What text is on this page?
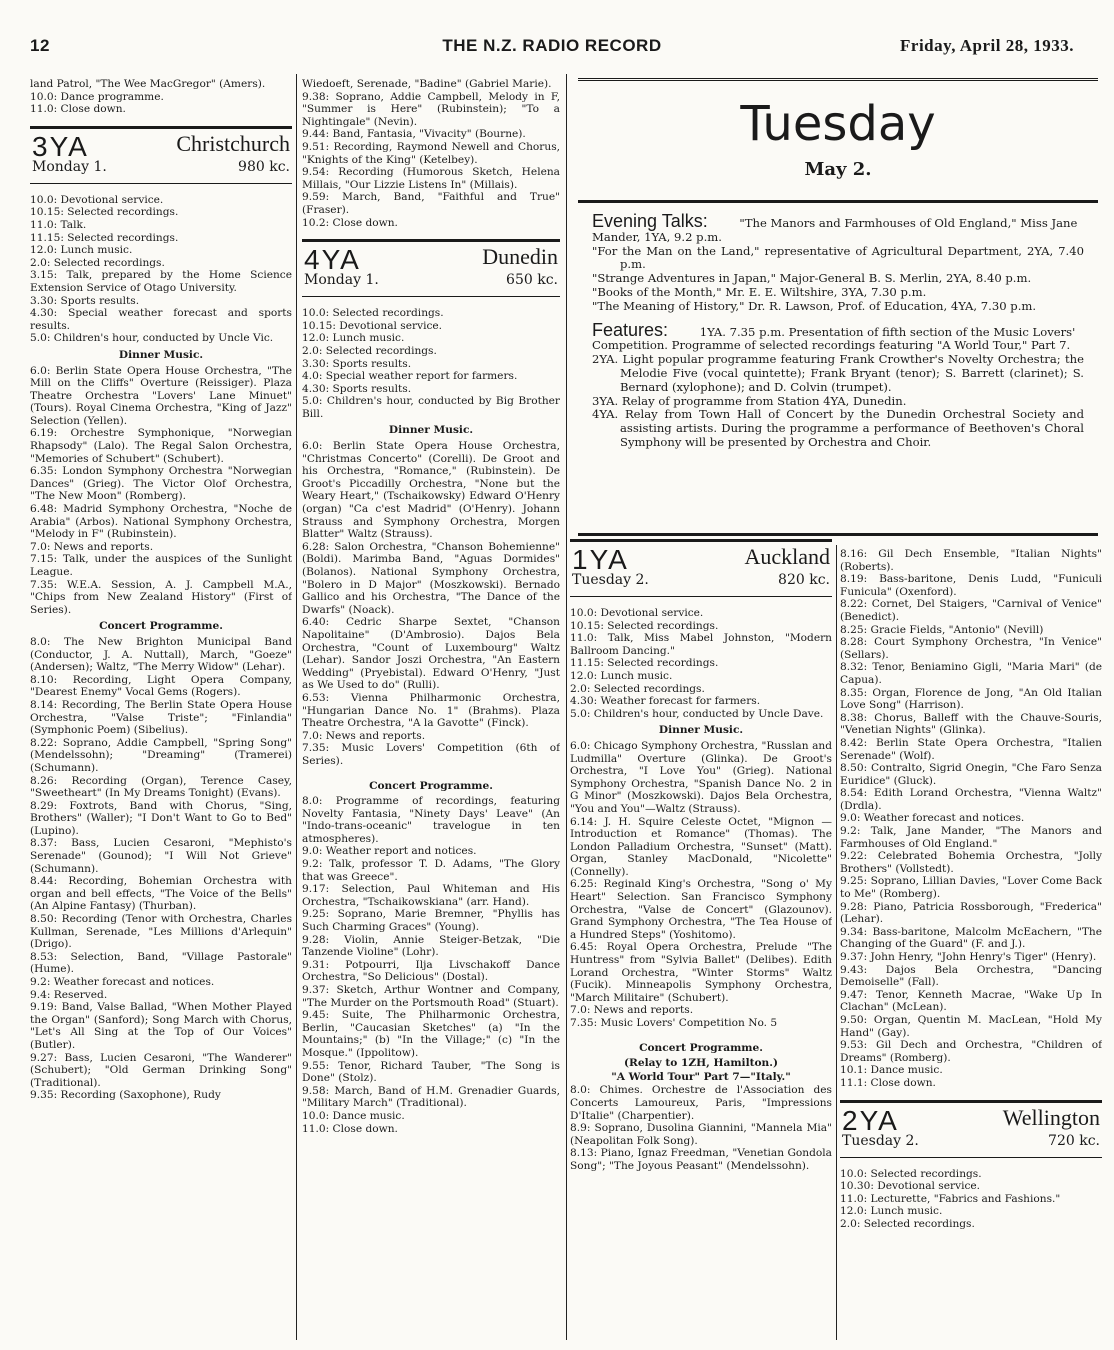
12	THE N.Z. RADIO RECORD	Friday, April 28, 1933.

land Patrol, "The Wee MacGregor" (Amers).

10.0: Dance programme.

11.0: Close down.

3YA	Christchurch
Monday 1.	980 kc.

10.0: Devotional service.

10.15: Selected recordings.

11.0: Talk.

11.15: Selected recordings.

12.0: Lunch music.

2.0: Selected recordings.

3.15: Talk, prepared by the Home Science Extension Service of Otago University.

3.30: Sports results.

4.30: Special weather forecast and sports results.

5.0: Children's hour, conducted by Uncle Vic.

Dinner Music.

6.0: Berlin State Opera House Orchestra, "The Mill on the Cliffs" Overture (Reissiger). Plaza Theatre Orchestra "Lovers' Lane Minuet" (Tours). Royal Cinema Orchestra, "King of Jazz" Selection (Yellen).

6.19: Orchestre Symphonique, "Norwegian Rhapsody" (Lalo). The Regal Salon Orchestra, "Memories of Schubert" (Schubert).

6.35: London Symphony Orchestra "Norwegian Dances" (Grieg). The Victor Olof Orchestra, "The New Moon" (Romberg).

6.48: Madrid Symphony Orchestra, "Noche de Arabia" (Arbos). National Symphony Orchestra, "Melody in F" (Rubinstein).

7.0: News and reports.

7.15: Talk, under the auspices of the Sunlight League.

7.35: W.E.A. Session, A. J. Campbell M.A., "Chips from New Zealand History" (First of Series).

Concert Programme.

8.0: The New Brighton Municipal Band (Conductor, J. A. Nuttall), March, "Goeze" (Andersen); Waltz, "The Merry Widow" (Lehar).

8.10: Recording, Light Opera Company, "Dearest Enemy" Vocal Gems (Rogers).

8.14: Recording, The Berlin State Opera House Orchestra, "Valse Triste"; "Finlandia" (Symphonic Poem) (Sibelius).

8.22: Soprano, Addie Campbell, "Spring Song" (Mendelssohn); "Dreaming" (Tramerei) (Schumann).

8.26: Recording (Organ), Terence Casey, "Sweetheart" (In My Dreams Tonight) (Evans).

8.29: Foxtrots, Band with Chorus, "Sing, Brothers" (Waller); "I Don't Want to Go to Bed" (Lupino).

8.37: Bass, Lucien Cesaroni, "Mephisto's Serenade" (Gounod); "I Will Not Grieve" (Schumann).

8.44: Recording, Bohemian Orchestra with organ and bell effects, "The Voice of the Bells" (An Alpine Fantasy) (Thurban).

8.50: Recording (Tenor with Orchestra, Charles Kullman, Serenade, "Les Millions d'Arlequin" (Drigo).

8.53: Selection, Band, "Village Pastorale" (Hume).

9.2: Weather forecast and notices.

9.4: Reserved.

9.19: Band, Valse Ballad, "When Mother Played the Organ" (Sanford); Song March with Chorus, "Let's All Sing at the Top of Our Voices" (Butler).

9.27: Bass, Lucien Cesaroni, "The Wanderer" (Schubert); "Old German Drinking Song" (Traditional).

9.35: Recording (Saxophone), Rudy

Wiedoeft, Serenade, "Badine" (Gabriel Marie).

9.38: Soprano, Addie Campbell, Melody in F, "Summer is Here" (Rubinstein); "To a Nightingale" (Nevin).

9.44: Band, Fantasia, "Vivacity" (Bourne).

9.51: Recording, Raymond Newell and Chorus, "Knights of the King" (Ketelbey).

9.54: Recording (Humorous Sketch, Helena Millais, "Our Lizzie Listens In" (Millais).

9.59: March, Band, "Faithful and True" (Fraser).

10.2: Close down.

4YA	Dunedin
Monday 1.	650 kc.

10.0: Selected recordings.

10.15: Devotional service.

12.0: Lunch music.

2.0: Selected recordings.

3.30: Sports results.

4.0: Special weather report for farmers.

4.30: Sports results.

5.0: Children's hour, conducted by Big Brother Bill.

Dinner Music.

6.0: Berlin State Opera House Orchestra, "Christmas Concerto" (Corelli). De Groot and his Orchestra, "Romance," (Rubinstein). De Groot's Piccadilly Orchestra, "None but the Weary Heart," (Tschaikowsky) Edward O'Henry (organ) "Ca c'est Madrid" (O'Henry). Johann Strauss and Symphony Orchestra, Morgen Blatter" Waltz (Strauss).

6.28: Salon Orchestra, "Chanson Bohemienne" (Boldi). Marimba Band, "Aguas Dormides" (Bolanos). National Symphony Orchestra, "Bolero in D Major" (Moszkowski). Bernado Gallico and his Orchestra, "The Dance of the Dwarfs" (Noack).

6.40: Cedric Sharpe Sextet, "Chanson Napolitaine" (D'Ambrosio). Dajos Bela Orchestra, "Count of Luxembourg" Waltz (Lehar). Sandor Joszi Orchestra, "An Eastern Wedding" (Pryebistal). Edward O'Henry, "Just as We Used to do" (Rulli).

6.53: Vienna Philharmonic Orchestra, "Hungarian Dance No. 1" (Brahms). Plaza Theatre Orchestra, "A la Gavotte" (Finck).

7.0: News and reports.

7.35: Music Lovers' Competition (6th of Series).

Concert Programme.

8.0: Programme of recordings, featuring Novelty Fantasia, "Ninety Days' Leave" (An "Indo-trans-oceanic" travelogue in ten atmospheres).

9.0: Weather report and notices.

9.2: Talk, professor T. D. Adams, "The Glory that was Greece".

9.17: Selection, Paul Whiteman and His Orchestra, "Tschaikowskiana" (arr. Hand).

9.25: Soprano, Marie Bremner, "Phyllis has Such Charming Graces" (Young).

9.28: Violin, Annie Steiger-Betzak, "Die Tanzende Violine" (Lohr).

9.31: Potpourri, Ilja Livschakoff Dance Orchestra, "So Delicious" (Dostal).

9.37: Sketch, Arthur Wontner and Company, "The Murder on the Portsmouth Road" (Stuart).

9.45: Suite, The Philharmonic Orchestra, Berlin, "Caucasian Sketches" (a) "In the Mountains;" (b) "In the Village;" (c) "In the Mosque." (Ippolitow).

9.55: Tenor, Richard Tauber, "The Song is Done" (Stolz).

9.58: March, Band of H.M. Grenadier Guards, "Military March" (Traditional).

10.0: Dance music.

11.0: Close down.

Tuesday
May 2.
Evening Talks:	"The Manors and Farmhouses of Old England," Miss Jane Mander, 1YA, 9.2 p.m.

"For the Man on the Land," representative of Agricultural Department, 2YA, 7.40 p.m.

"Strange Adventures in Japan," Major-General B. S. Merlin, 2YA, 8.40 p.m.

"Books of the Month," Mr. E. E. Wiltshire, 3YA, 7.30 p.m.

"The Meaning of History," Dr. R. Lawson, Prof. of Education, 4YA, 7.30 p.m.

Features:	1YA. 7.35 p.m. Presentation of fifth section of the Music Lovers' Competition. Programme of selected recordings featuring "A World Tour," Part 7.

2YA. Light popular programme featuring Frank Crowther's Novelty Orchestra; the Melodie Five (vocal quintette); Frank Bryant (tenor); S. Barrett (clarinet); S. Bernard (xylophone); and D. Colvin (trumpet).

3YA. Relay of programme from Station 4YA, Dunedin.

4YA. Relay from Town Hall of Concert by the Dunedin Orchestral Society and assisting artists. During the programme a performance of Beethoven's Choral Symphony will be presented by Orchestra and Choir.

1YA	Auckland
Tuesday 2.	820 kc.

10.0: Devotional service.

10.15: Selected recordings.

11.0: Talk, Miss Mabel Johnston, "Modern Ballroom Dancing."

11.15: Selected recordings.

12.0: Lunch music.

2.0: Selected recordings.

4.30: Weather forecast for farmers.

5.0: Children's hour, conducted by Uncle Dave.

Dinner Music.

6.0: Chicago Symphony Orchestra, "Russlan and Ludmilla" Overture (Glinka). De Groot's Orchestra, "I Love You" (Grieg). National Symphony Orchestra, "Spanish Dance No. 2 in G Minor" (Moszkowski). Dajos Bela Orchestra, "You and You"—Waltz (Strauss).

6.14: J. H. Squire Celeste Octet, "Mignon — Introduction et Romance" (Thomas). The London Palladium Orchestra, "Sunset" (Matt). Organ, Stanley MacDonald, "Nicolette" (Connelly).

6.25: Reginald King's Orchestra, "Song o' My Heart" Selection. San Francisco Symphony Orchestra, "Valse de Concert" (Glazounov). Grand Symphony Orchestra, "The Tea House of a Hundred Steps" (Yoshitomo).

6.45: Royal Opera Orchestra, Prelude "The Huntress" from "Sylvia Ballet" (Delibes). Edith Lorand Orchestra, "Winter Storms" Waltz (Fucik). Minneapolis Symphony Orchestra, "March Militaire" (Schubert).

7.0: News and reports.

7.35: Music Lovers' Competition No. 5

Concert Programme.
(Relay to 1ZH, Hamilton.)
"A World Tour" Part 7—"Italy."

8.0: Chimes. Orchestre de l'Association des Concerts Lamoureux, Paris, "Impressions D'Italie" (Charpentier).

8.9: Soprano, Dusolina Giannini, "Mannela Mia" (Neapolitan Folk Song).

8.13: Piano, Ignaz Freedman, "Venetian Gondola Song"; "The Joyous Peasant" (Mendelssohn).

8.16: Gil Dech Ensemble, "Italian Nights" (Roberts).

8.19: Bass-baritone, Denis Ludd, "Funiculi Funicula" (Oxenford).

8.22: Cornet, Del Staigers, "Carnival of Venice" (Benedict).

8.25: Gracie Fields, "Antonio" (Nevill)

8.28: Court Symphony Orchestra, "In Venice" (Sellars).

8.32: Tenor, Beniamino Gigli, "Maria Mari" (de Capua).

8.35: Organ, Florence de Jong, "An Old Italian Love Song" (Harrison).

8.38: Chorus, Balleff with the Chauve-Souris, "Venetian Nights" (Glinka).

8.42: Berlin State Opera Orchestra, "Italien Serenade" (Wolf).

8.50: Contralto, Sigrid Onegin, "Che Faro Senza Euridice" (Gluck).

8.54: Edith Lorand Orchestra, "Vienna Waltz" (Drdla).

9.0: Weather forecast and notices.

9.2: Talk, Jane Mander, "The Manors and Farmhouses of Old England."

9.22: Celebrated Bohemia Orchestra, "Jolly Brothers" (Vollstedt).

9.25: Soprano, Lillian Davies, "Lover Come Back to Me" (Romberg).

9.28: Piano, Patricia Rossborough, "Frederica" (Lehar).

9.34: Bass-baritone, Malcolm McEachern, "The Changing of the Guard" (F. and J.).

9.37: John Henry, "John Henry's Tiger" (Henry).

9.43: Dajos Bela Orchestra, "Dancing Demoiselle" (Fall).

9.47: Tenor, Kenneth Macrae, "Wake Up In Clachan" (McLean).

9.50: Organ, Quentin M. MacLean, "Hold My Hand" (Gay).

9.53: Gil Dech and Orchestra, "Children of Dreams" (Romberg).

10.1: Dance music.

11.1: Close down.

2YA	Wellington
Tuesday 2.	720 kc.

10.0: Selected recordings.

10.30: Devotional service.

11.0: Lecturette, "Fabrics and Fashions."

12.0: Lunch music.

2.0: Selected recordings.
